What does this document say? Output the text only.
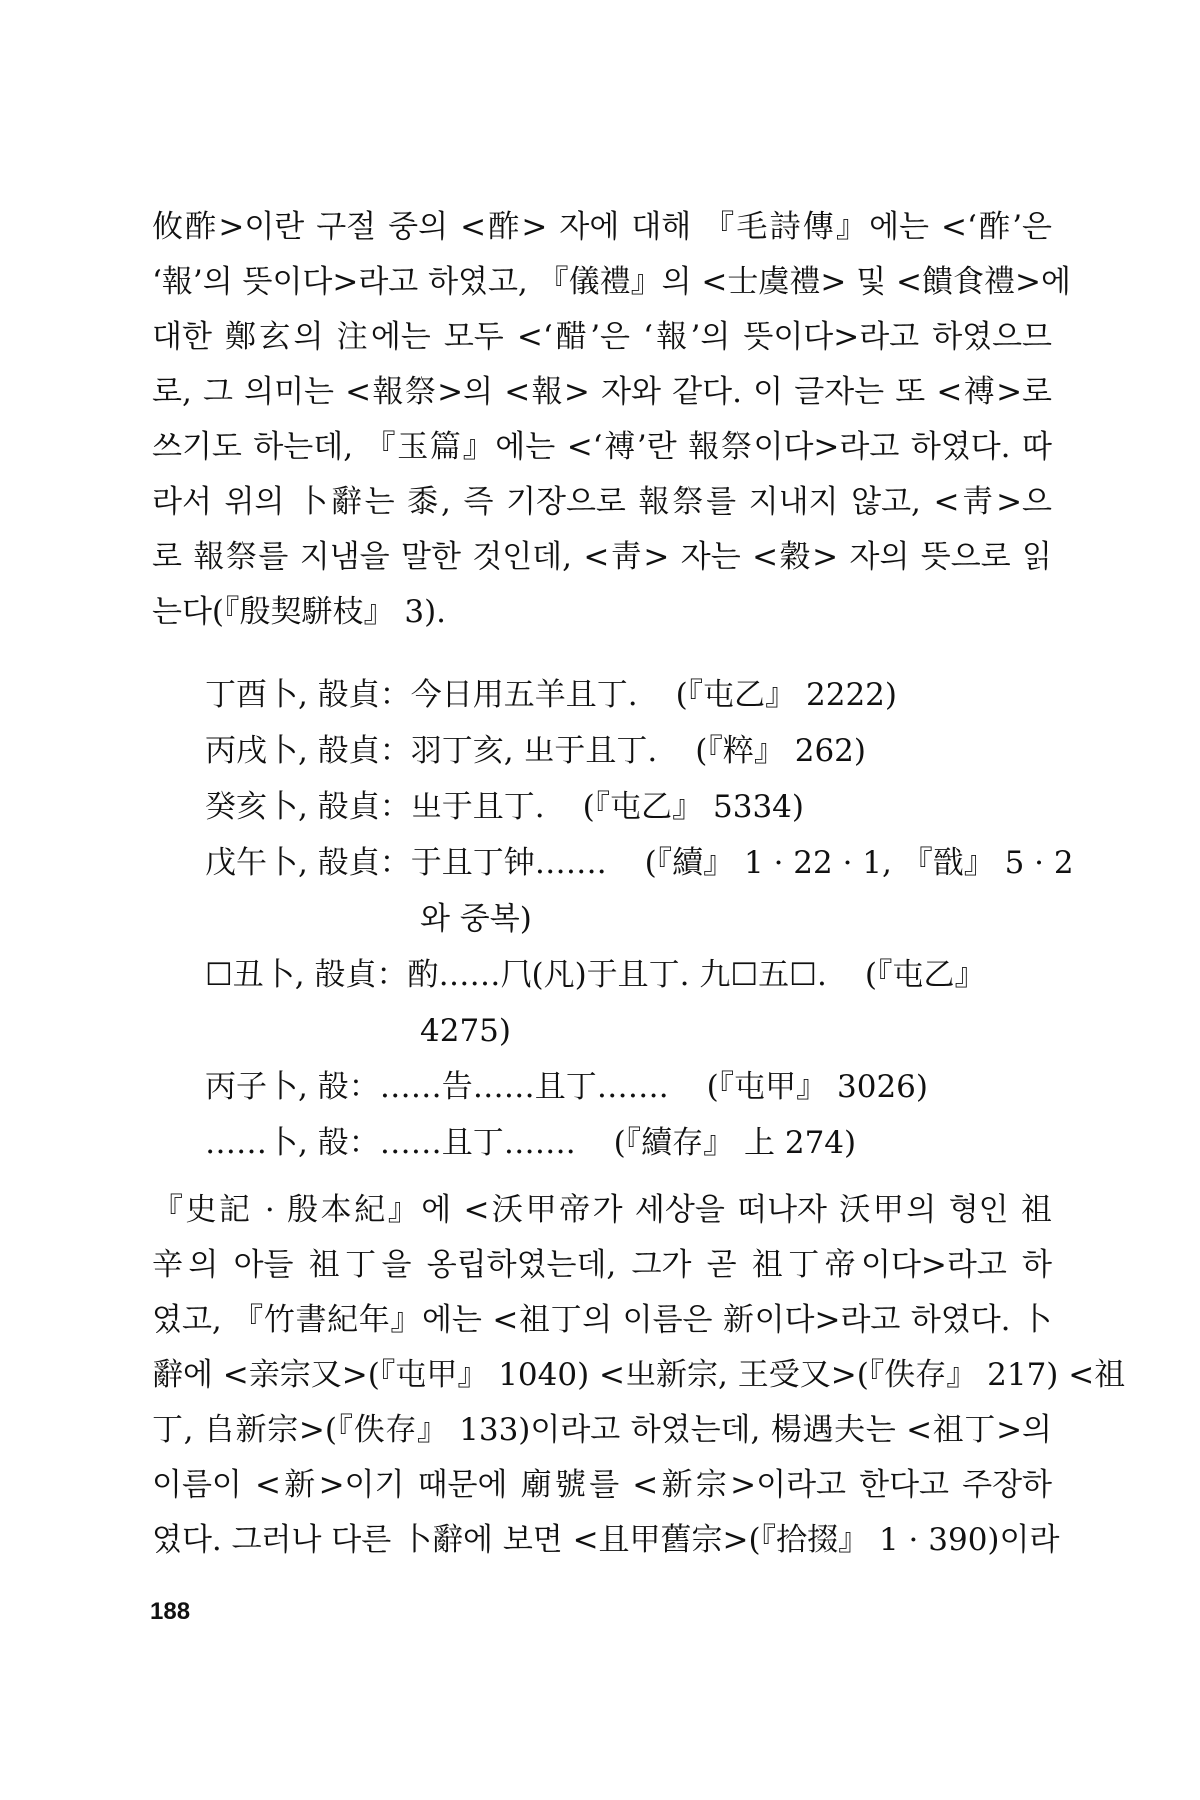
攸酢>이란 구절 중의 <酢> 자에 대해 『毛詩傳』에는 <‘酢’은
‘報’의 뜻이다>라고 하였고, 『儀禮』의 <士虞禮> 및 <饋食禮>에
대한 鄭玄의 注에는 모두 <‘醋’은 ‘報’의 뜻이다>라고 하였으므
로, 그 의미는 <報祭>의 <報> 자와 같다. 이 글자는 또 <禣>로
쓰기도 하는데, 『玉篇』에는 <‘禣’란 報祭이다>라고 하였다. 따
라서 위의 卜辭는 黍, 즉 기장으로 報祭를 지내지 않고, <靑>으
로 報祭를 지냄을 말한 것인데, <靑> 자는 <穀> 자의 뜻으로 읽
는다(『殷契駢枝』 3).
丁酉卜, 㱿貞：今日用五羊且丁. (『屯乙』 2222)
丙戌卜, 㱿貞：羽丁亥, 㞢于且丁. (『粹』 262)
癸亥卜, 㱿貞：㞢于且丁. (『屯乙』 5334)
戊午卜, 㱿貞：于且丁钟……. (『續』 1 · 22 · 1, 『戩』 5 · 2
와 중복)
☐丑卜, 㱿貞：酌……𠘨(凡)于且丁. 九☐五☐. (『屯乙』
4275)
丙子卜, 㱿：……告……且丁……. (『屯甲』 3026)
……卜, 㱿：……且丁……. (『續存』 上 274)
『史記 · 殷本紀』에 <沃甲帝가 세상을 떠나자 沃甲의 형인 祖
辛의 아들 祖丁을 옹립하였는데, 그가 곧 祖丁帝이다>라고 하
였고, 『竹書紀年』에는 <祖丁의 이름은 新이다>라고 하였다. 卜
辭에 <亲宗又>(『屯甲』 1040) <㞢新宗, 王受又>(『佚存』 217) <祖
丁, 𠂤新宗>(『佚存』 133)이라고 하였는데, 楊遇夫는 <祖丁>의
이름이 <新>이기 때문에 廟號를 <新宗>이라고 한다고 주장하
였다. 그러나 다른 卜辭에 보면 <且甲舊宗>(『拾掇』 1 · 390)이라
188
